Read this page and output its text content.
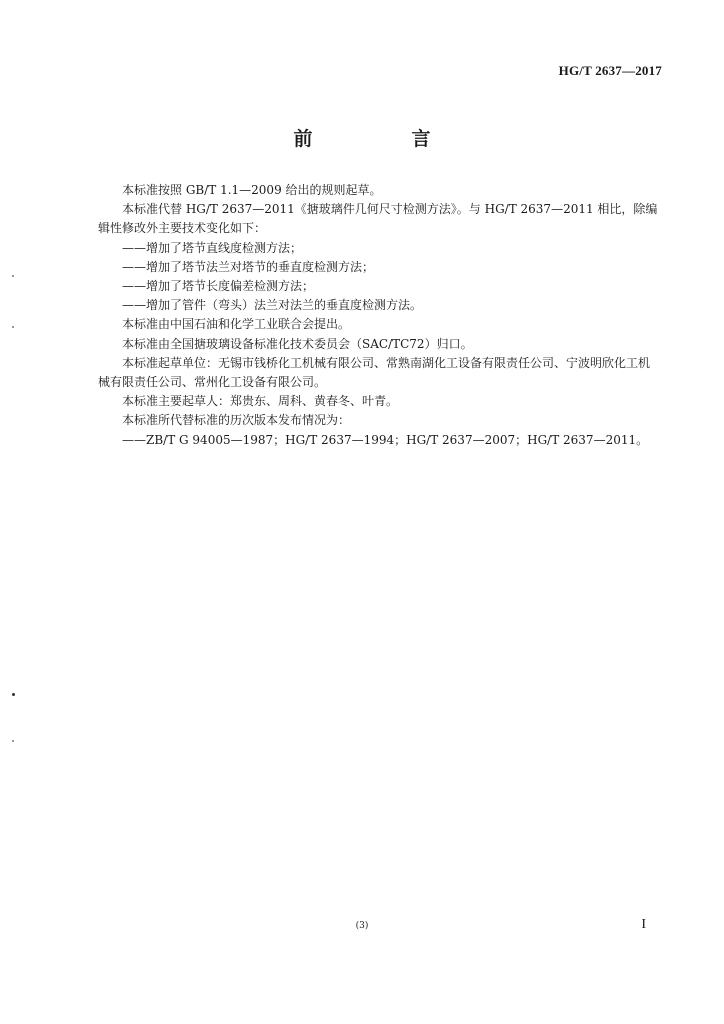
HG/T 2637—2017
前　言

本标准按照 GB/T 1.1—2009 给出的规则起草。

本标准代替 HG/T 2637—2011《搪玻璃件几何尺寸检测方法》。与 HG/T 2637—2011 相比，除编辑性修改外主要技术变化如下：

——增加了塔节直线度检测方法；

——增加了塔节法兰对塔节的垂直度检测方法；

——增加了塔节长度偏差检测方法；

——增加了管件（弯头）法兰对法兰的垂直度检测方法。

本标准由中国石油和化学工业联合会提出。

本标准由全国搪玻璃设备标准化技术委员会（SAC/TC72）归口。

本标准起草单位：无锡市钱桥化工机械有限公司、常熟南湖化工设备有限责任公司、宁波明欣化工机械有限责任公司、常州化工设备有限公司。

本标准主要起草人：郑贵东、周科、黄春冬、叶青。

本标准所代替标准的历次版本发布情况为：

——ZB/T G 94005—1987；HG/T 2637—1994；HG/T 2637—2007；HG/T 2637—2011。

(3)	I
